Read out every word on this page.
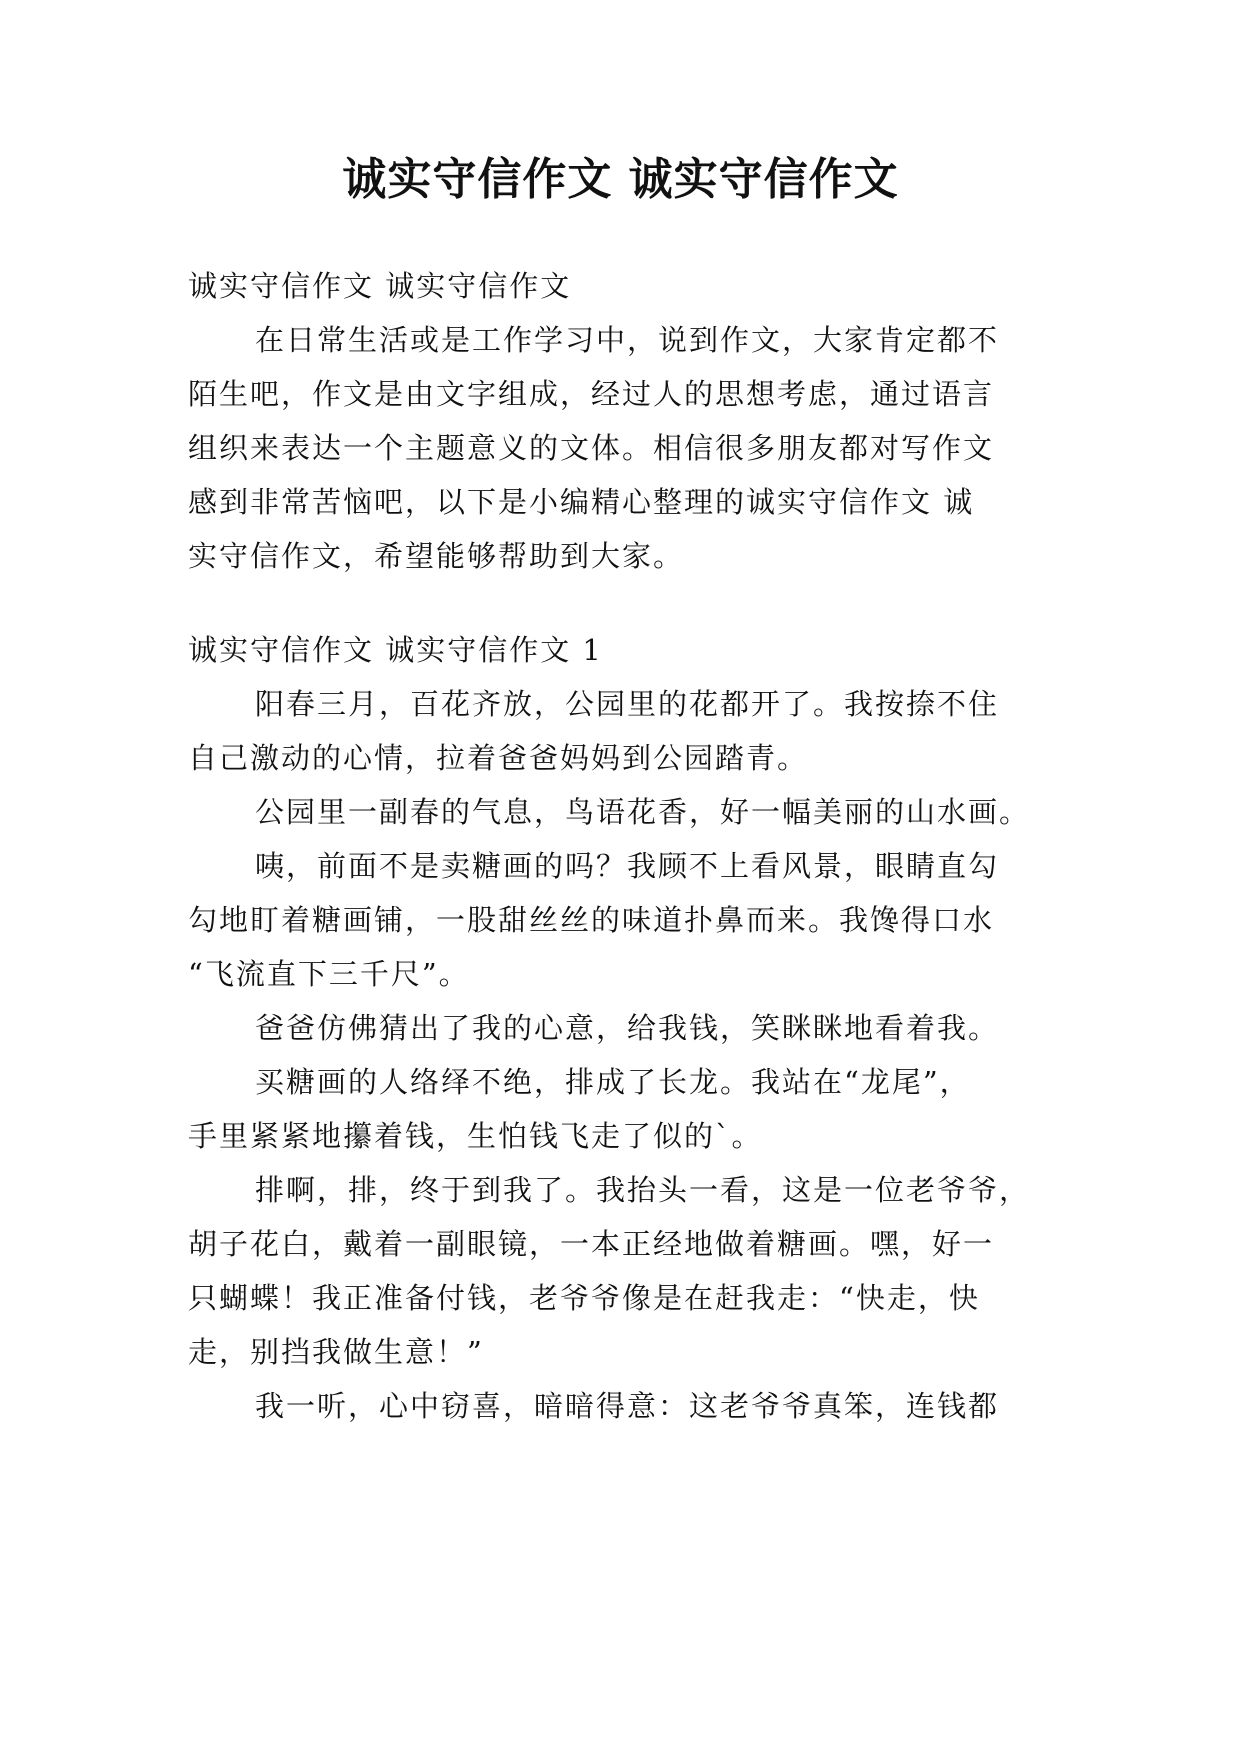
诚实守信作文 诚实守信作文
诚实守信作文 诚实守信作文
在日常生活或是工作学习中，说到作文，大家肯定都不
陌生吧，作文是由文字组成，经过人的思想考虑，通过语言
组织来表达一个主题意义的文体。相信很多朋友都对写作文
感到非常苦恼吧，以下是小编精心整理的诚实守信作文 诚
实守信作文，希望能够帮助到大家。
诚实守信作文 诚实守信作文 1
阳春三月，百花齐放，公园里的花都开了。我按捺不住
自己激动的心情，拉着爸爸妈妈到公园踏青。
公园里一副春的气息，鸟语花香，好一幅美丽的山水画。
咦，前面不是卖糖画的吗？我顾不上看风景，眼睛直勾
勾地盯着糖画铺，一股甜丝丝的味道扑鼻而来。我馋得口水
“飞流直下三千尺”。
爸爸仿佛猜出了我的心意，给我钱，笑眯眯地看着我。
买糖画的人络绎不绝，排成了长龙。我站在“龙尾”，
手里紧紧地攥着钱，生怕钱飞走了似的`。
排啊，排，终于到我了。我抬头一看，这是一位老爷爷，
胡子花白，戴着一副眼镜，一本正经地做着糖画。嘿，好一
只蝴蝶！我正准备付钱，老爷爷像是在赶我走：“快走，快
走，别挡我做生意！”
我一听，心中窃喜，暗暗得意：这老爷爷真笨，连钱都
